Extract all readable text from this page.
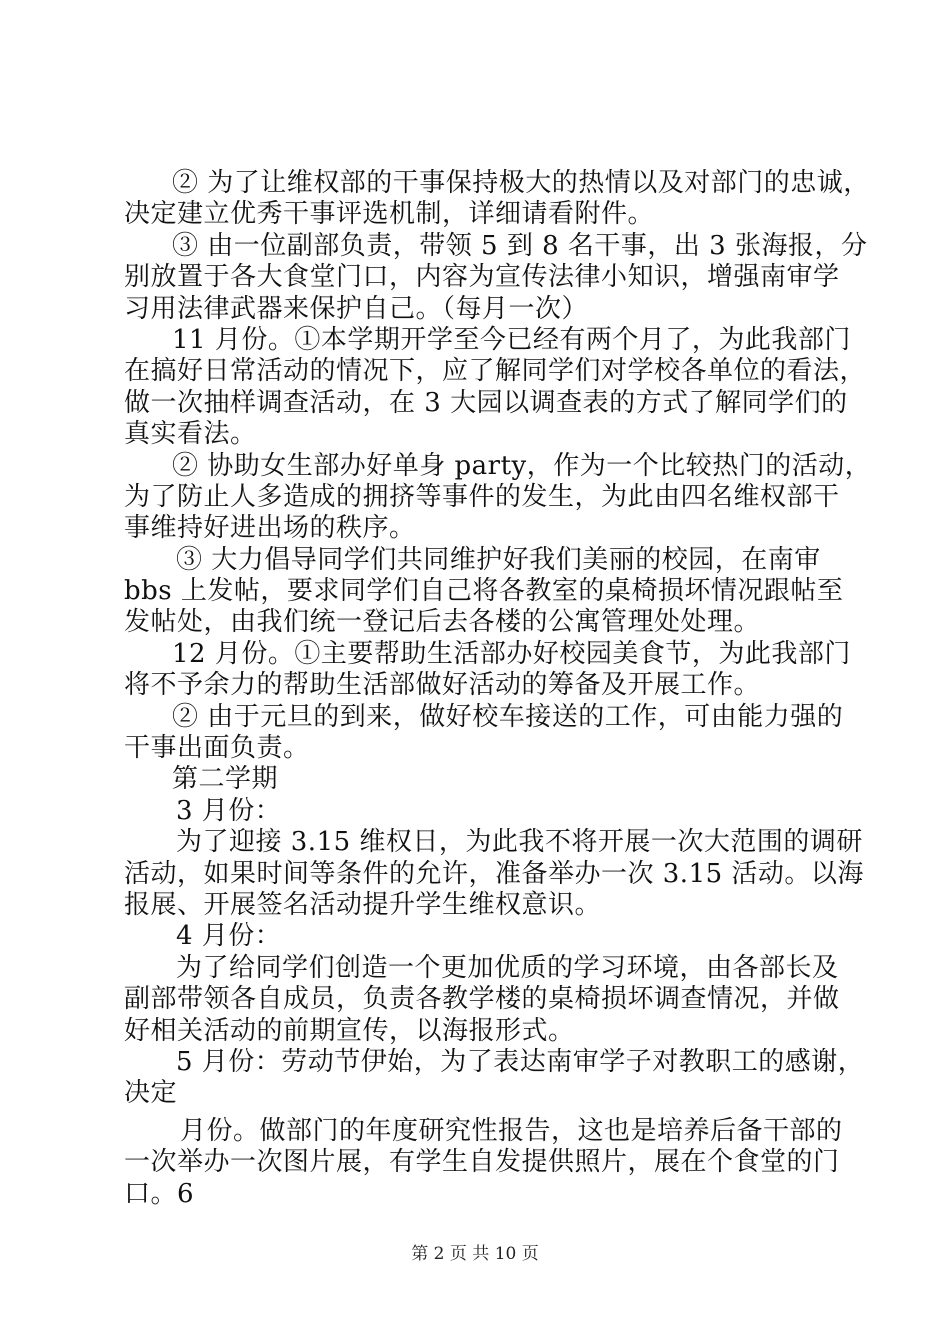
② 为了让维权部的干事保持极大的热情以及对部门的忠诚，
决定建立优秀干事评选机制，详细请看附件。
③ 由一位副部负责，带领 5 到 8 名干事，出 3 张海报，分
别放置于各大食堂门口，内容为宣传法律小知识，增强南审学
习用法律武器来保护自己。（每月一次）
11 月份。①本学期开学至今已经有两个月了，为此我部门
在搞好日常活动的情况下，应了解同学们对学校各单位的看法，
做一次抽样调查活动，在 3 大园以调查表的方式了解同学们的
真实看法。
② 协助女生部办好单身 party，作为一个比较热门的活动，
为了防止人多造成的拥挤等事件的发生，为此由四名维权部干
事维持好进出场的秩序。
③ 大力倡导同学们共同维护好我们美丽的校园，在南审
bbs 上发帖，要求同学们自己将各教室的桌椅损坏情况跟帖至
发帖处，由我们统一登记后去各楼的公寓管理处处理。
12 月份。①主要帮助生活部办好校园美食节，为此我部门
将不予余力的帮助生活部做好活动的筹备及开展工作。
② 由于元旦的到来，做好校车接送的工作，可由能力强的
干事出面负责。
第二学期
3 月份：
为了迎接 3.15 维权日，为此我不将开展一次大范围的调研
活动，如果时间等条件的允许，准备举办一次 3.15 活动。以海
报展、开展签名活动提升学生维权意识。
4 月份：
为了给同学们创造一个更加优质的学习环境，由各部长及
副部带领各自成员，负责各教学楼的桌椅损坏调查情况，并做
好相关活动的前期宣传，以海报形式。
5 月份：劳动节伊始，为了表达南审学子对教职工的感谢，
决定
月份。做部门的年度研究性报告，这也是培养后备干部的
一次举办一次图片展，有学生自发提供照片，展在个食堂的门
口。6
第 2 页 共 10 页
